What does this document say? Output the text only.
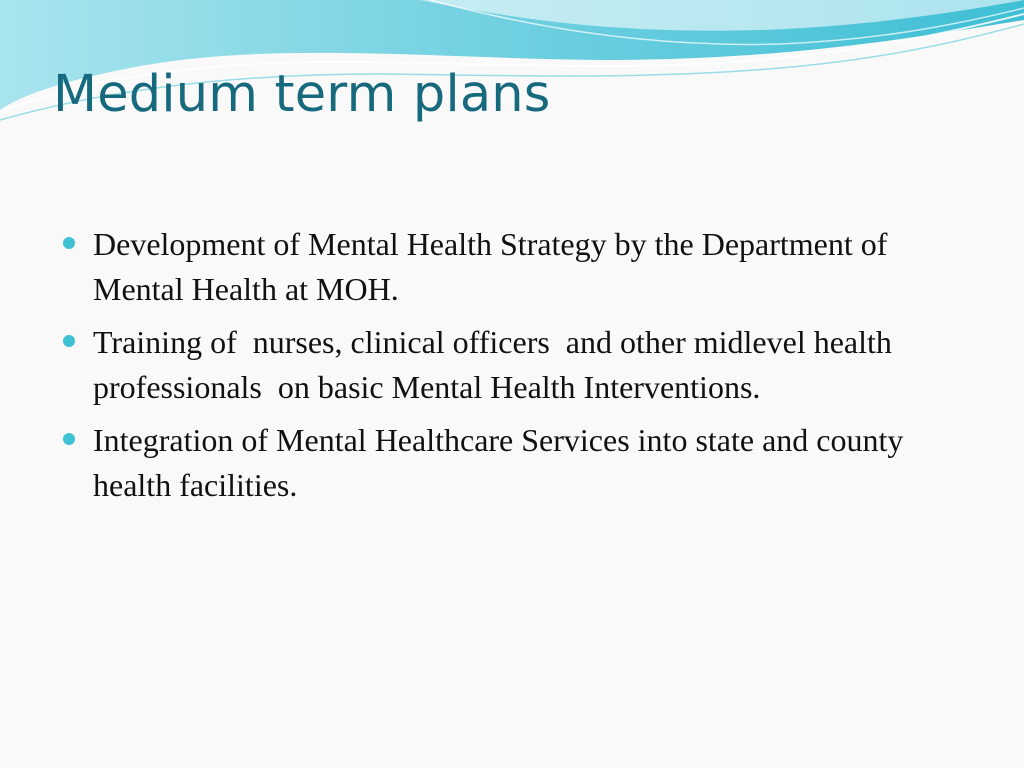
Medium term plans
Development of Mental Health Strategy by the Department of Mental Health at MOH.
Training of  nurses, clinical officers  and other midlevel health professionals  on basic Mental Health Interventions.
Integration of Mental Healthcare Services into state and county health facilities.
